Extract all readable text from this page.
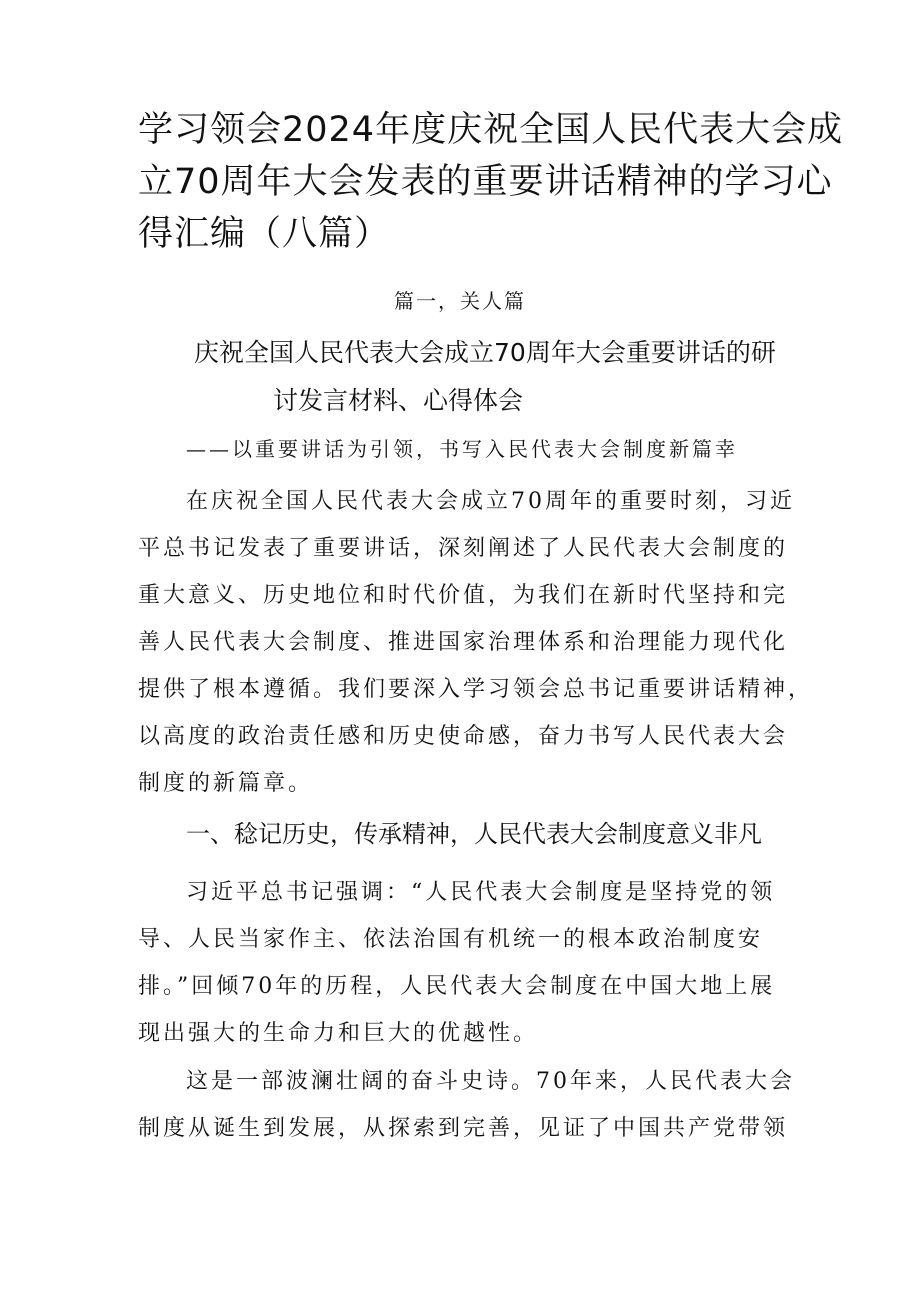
学习领会2024年度庆祝全国人民代表大会成
立70周年大会发表的重要讲话精神的学习心
得汇编（八篇）
篇一，关人篇
庆祝全国人民代表大会成立70周年大会重要讲话的研
讨发言材料、心得体会
——以重要讲话为引领，书写入民代表大会制度新篇幸
在庆祝全国人民代表大会成立70周年的重要时刻，习近
平总书记发表了重要讲话，深刻阐述了人民代表大会制度的
重大意义、历史地位和时代价值，为我们在新时代坚持和完
善人民代表大会制度、推进国家治理体系和治理能力现代化
提供了根本遵循。我们要深入学习领会总书记重要讲话精神，
以高度的政治责任感和历史使命感，奋力书写人民代表大会
制度的新篇章。
一、稔记历史，传承精神，人民代表大会制度意义非凡
习近平总书记强调：“人民代表大会制度是坚持党的领
导、人民当家作主、依法治国有机统一的根本政治制度安
排。”回倾70年的历程，人民代表大会制度在中国大地上展
现出强大的生命力和巨大的优越性。
这是一部波澜壮阔的奋斗史诗。70年来，人民代表大会
制度从诞生到发展，从探索到完善，见证了中国共产党带领
